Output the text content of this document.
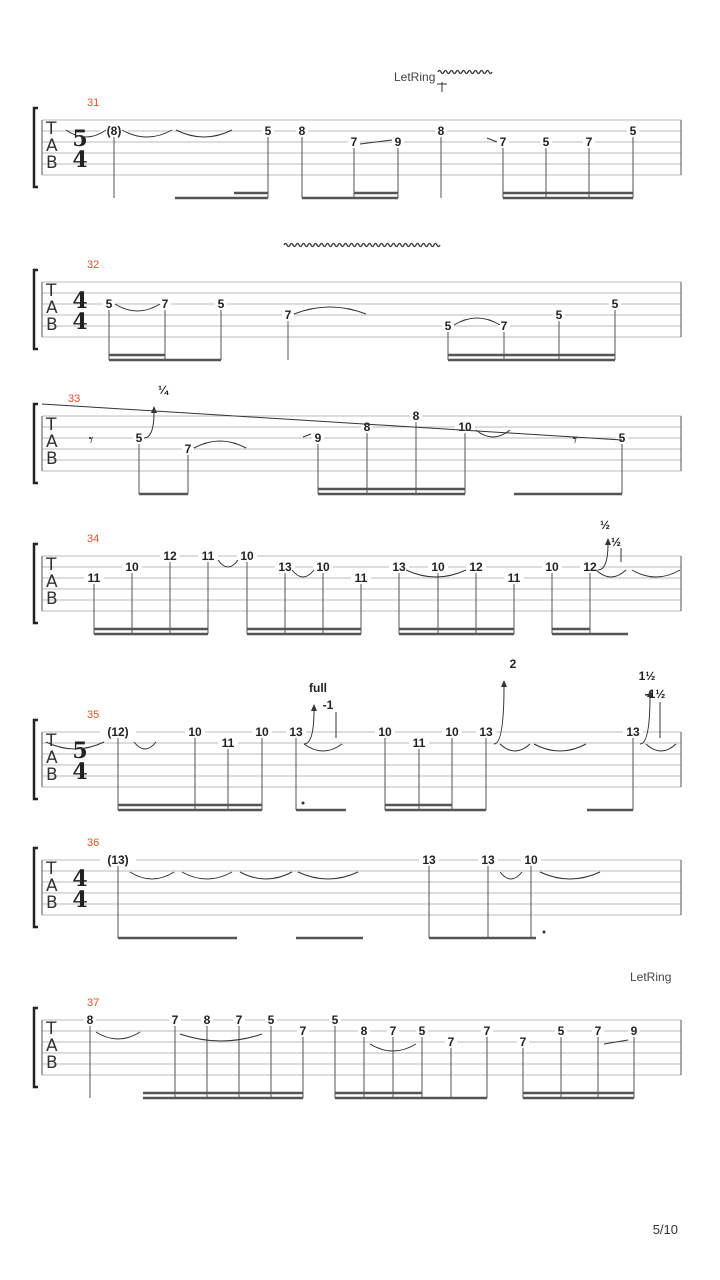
T
A
B
31
5
4
(8)	5 8
7	9
8
7	5	7
5
T
A
B
32
4
4
5	7	5
7
5	7
5
5
T
A
B
33
5
7
9
8
8
10
5
T
A
B
34
11
10
12 11 10
13 10
11
13 10 12
11
10 12
T
A
B
35
5
4
(12)	10
11
10 13	10
11
10 13	13
T
A
B
36
4
4
(13)	13	13 10
T
A
B
37
8	7 8 7 5
7
5
8 7 5
7
7
7
5	7 9
¼
𝄾	𝄾
½
½
full
-1
2
1½
-1½
LetRing
LetRing
5/10
